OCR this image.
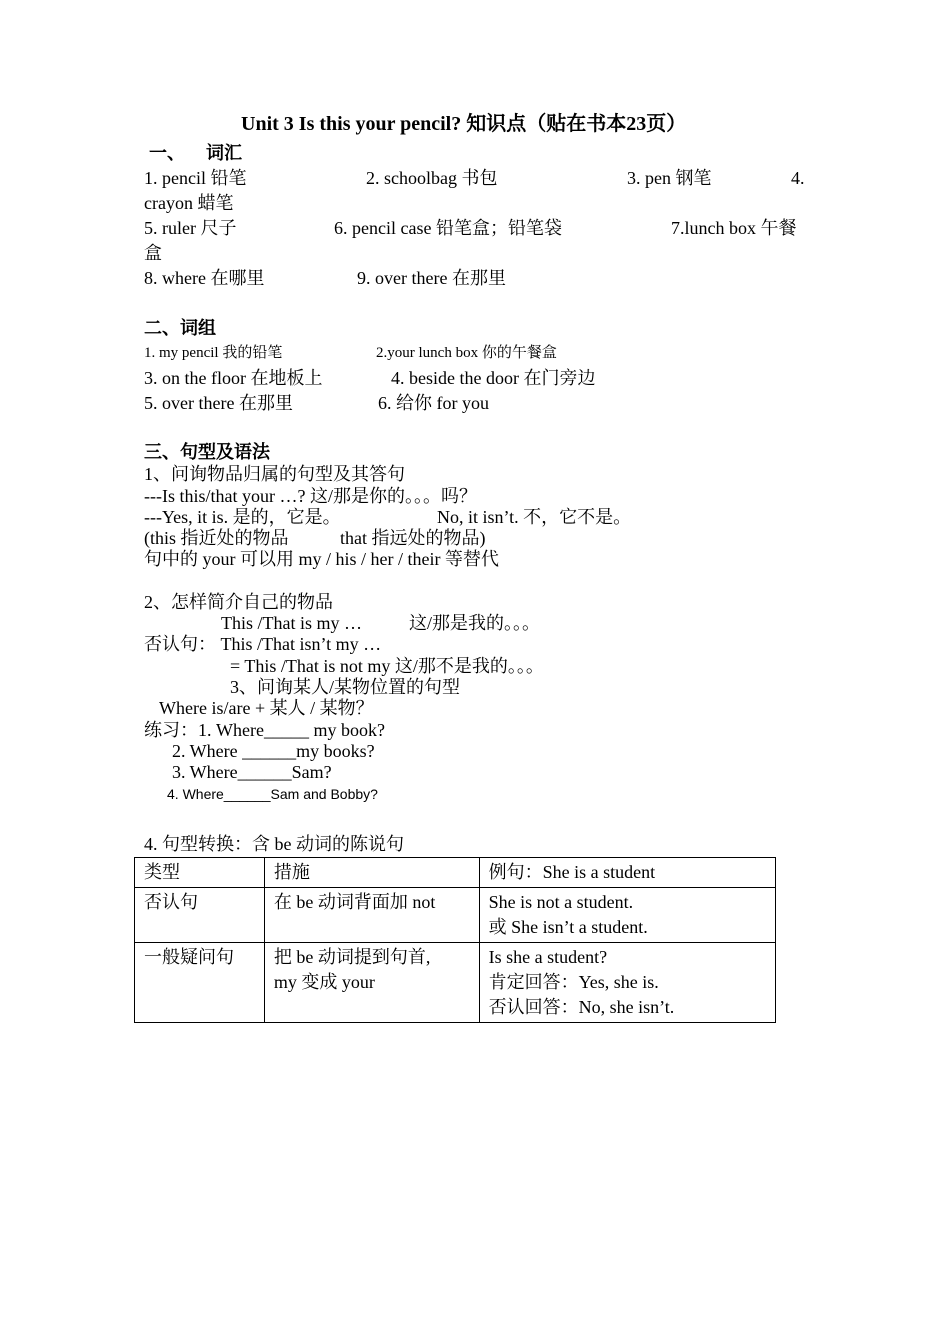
Unit 3 Is this your pencil? 知识点（贴在书本23页）
一、 词汇
1. pencil 铅笔	2. schoolbag 书包	3. pen 钢笔	4.
crayon 蜡笔
5. ruler 尺子	6. pencil case 铅笔盒；铅笔袋	7.lunch box 午餐
盒
8. where 在哪里	9. over there 在那里
二、词组
1. my pencil 我的铅笔	2.your lunch box 你的午餐盒
3. on the floor 在地板上	4. beside the door 在门旁边
5. over there 在那里	6. 给你 for you
三、句型及语法
1、问询物品归属的句型及其答句
---Is this/that your …? 这/那是你的。。。吗？
---Yes, it is. 是的，它是。	No, it isn’t. 不，它不是。
(this 指近处的物品	that 指远处的物品)
句中的 your 可以用 my / his / her / their 等替代
2、怎样简介自己的物品
This /That is my …	这/那是我的。。。
否认句： This /That isn’t my …
= This /That is not my 这/那不是我的。。。
3、问询某人/某物位置的句型
Where is/are + 某人 / 某物？
练习：1. Where_____ my book?
2. Where ______my books?
3. Where______Sam?
4. Where______Sam and Bobby?
4. 句型转换：含 be 动词的陈说句
类型	措施	例句：She is a student

否认句	在 be 动词背面加 not	She is not a student.
或 She isn’t a student.

一般疑问句	把 be 动词提到句首,
my 变成 your	Is she a student?
肯定回答：Yes, she is.
否认回答：No, she isn’t.
